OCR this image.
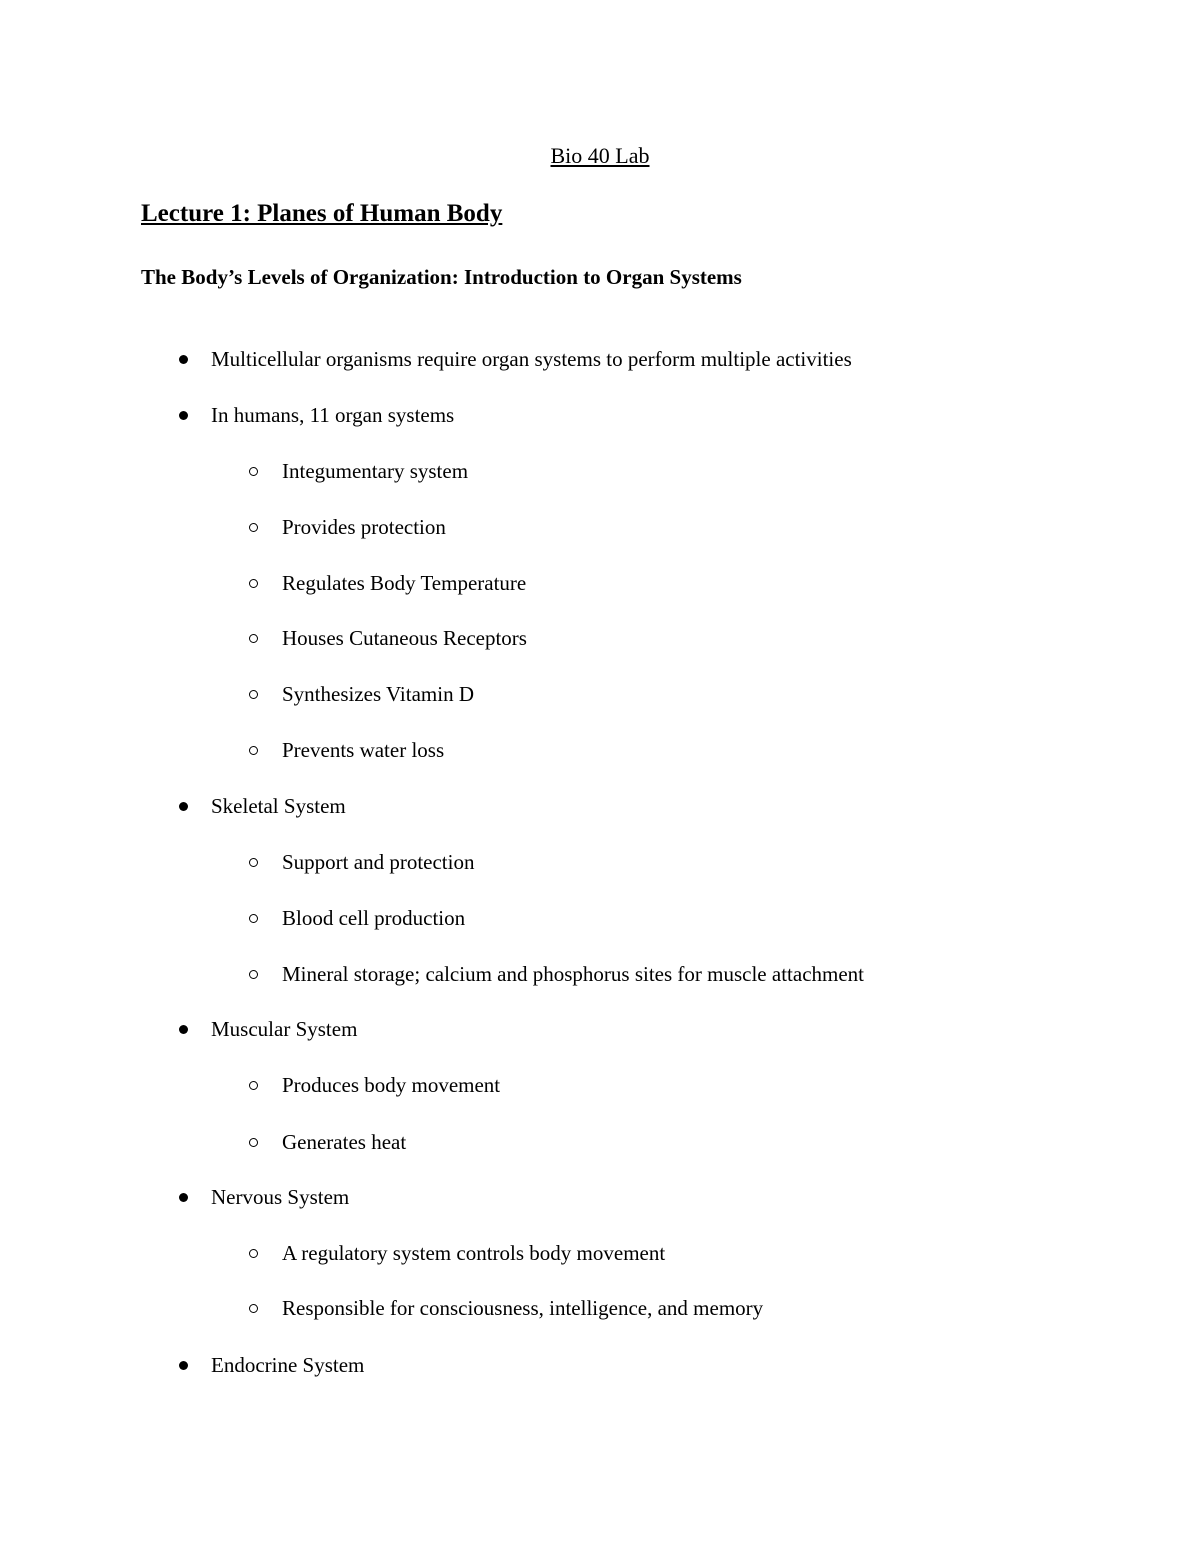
Bio 40 Lab
Lecture 1: Planes of Human Body
The Body’s Levels of Organization: Introduction to Organ Systems
Multicellular organisms require organ systems to perform multiple activities
In humans, 11 organ systems
Integumentary system
Provides protection
Regulates Body Temperature
Houses Cutaneous Receptors
Synthesizes Vitamin D
Prevents water loss
Skeletal System
Support and protection
Blood cell production
Mineral storage; calcium and phosphorus sites for muscle attachment
Muscular System
Produces body movement
Generates heat
Nervous System
A regulatory system controls body movement
Responsible for consciousness, intelligence, and memory
Endocrine System
